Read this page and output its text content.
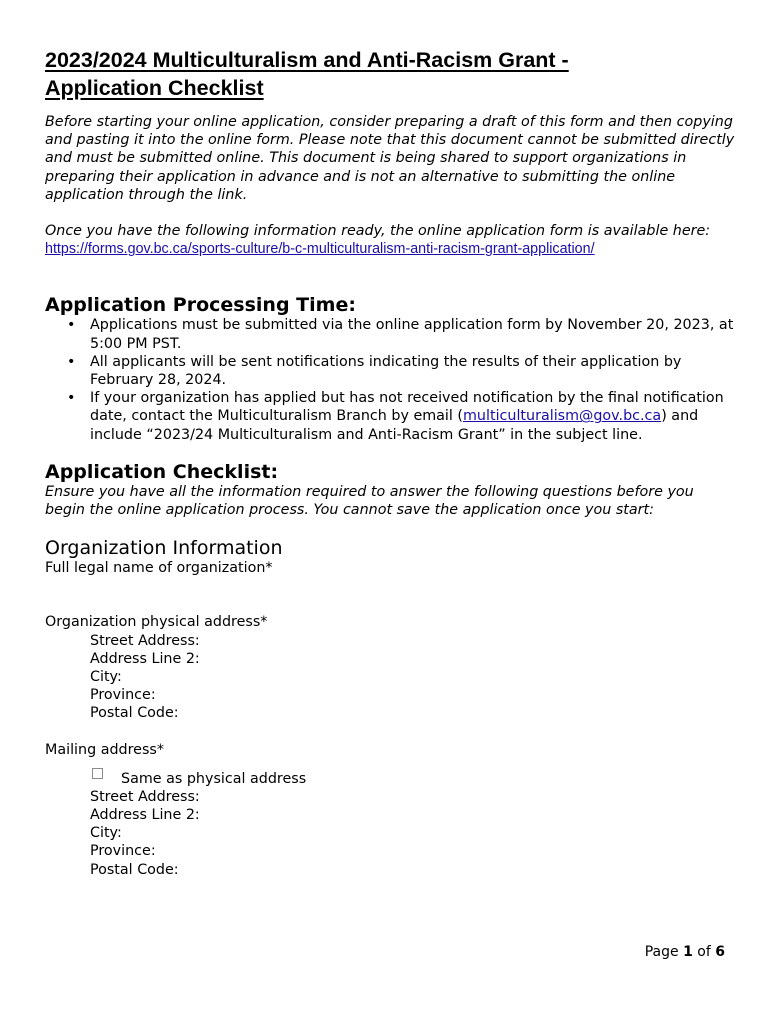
2023/2024 Multiculturalism and Anti-Racism Grant -
Application Checklist

Before starting your online application, consider preparing a draft of this form and then copying and pasting it into the online form. Please note that this document cannot be submitted directly and must be submitted online. This document is being shared to support organizations in preparing their application in advance and is not an alternative to submitting the online application through the link.

Once you have the following information ready, the online application form is available here:
https://forms.gov.bc.ca/sports-culture/b-c-multiculturalism-anti-racism-grant-application/

Application Processing Time:
• Applications must be submitted via the online application form by November 20, 2023, at 5:00 PM PST.
• All applicants will be sent notifications indicating the results of their application by February 28, 2024.
• If your organization has applied but has not received notification by the final notification date, contact the Multiculturalism Branch by email (multiculturalism@gov.bc.ca) and include “2023/24 Multiculturalism and Anti-Racism Grant” in the subject line.
Application Checklist:

Ensure you have all the information required to answer the following questions before you begin the online application process. You cannot save the application once you start:

Organization Information

Full legal name of organization*

Organization physical address*

Street Address:
Address Line 2:
City:
Province:
Postal Code:

Mailing address*

Same as physical address
Street Address:
Address Line 2:
City:
Province:
Postal Code:
Page 1 of 6
